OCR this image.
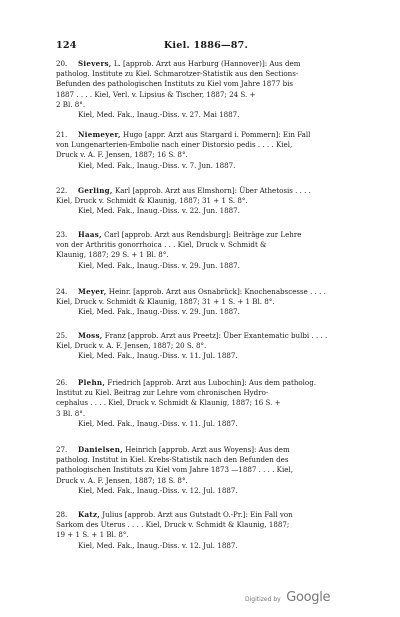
124	Kiel. 1886—87.
20. Sievers, L. [approb. Arzt aus Harburg (Hannover)]: Aus dem
patholog. Institute zu Kiel. Schmarotzer-Statistik aus den Sections-
Befunden des pathologischen Instituts zu Kiel vom Jahre 1877 bis
1887 . . . . Kiel, Verl. v. Lipsius & Tischer, 1887; 24 S. +
2 Bl. 8°.
Kiel, Med. Fak., Inaug.-Diss. v. 27. Mai 1887.
21. Niemeyer, Hugo [appr. Arzt aus Stargard i. Pommern]: Ein Fall
von Lungenarterien-Embolie nach einer Distorsio pedis . . . . Kiel,
Druck v. A. F. Jensen, 1887; 16 S. 8°.
Kiel, Med. Fak., Inaug.-Diss. v. 7. Jun. 1887.
22. Gerling, Karl [approb. Arzt aus Elmshorn]: Über Athetosis . . . .
Kiel, Druck v. Schmidt & Klaunig, 1887; 31 + 1 S. 8°.
Kiel, Med. Fak., Inaug.-Diss. v. 22. Jun. 1887.
23. Haas, Carl [approb. Arzt aus Rendsburg]: Beiträge zur Lehre
von der Arthritis gonorrhoica . . . Kiel, Druck v. Schmidt &
Klaunig, 1887; 29 S. + 1 Bl. 8°.
Kiel, Med. Fak., Inaug.-Diss. v. 29. Jun. 1887.
24. Meyer, Heinr. [approb. Arzt aus Osnabrück]: Knochenabscesse . . . .
Kiel, Druck v. Schmidt & Klaunig, 1887; 31 + 1 S. + 1 Bl. 8°.
Kiel, Med. Fak., Inaug.-Diss. v. 29. Jun. 1887.
25. Moss, Franz [approb. Arzt aus Preetz]: Über Exantematic bulbi . . . .
Kiel, Druck v. A. F. Jensen, 1887; 20 S. 8°.
Kiel, Med. Fak., Inaug.-Diss. v. 11. Jul. 1887.
26. Plehn, Friedrich [approb. Arzt aus Lubochin]: Aus dem patholog.
Institut zu Kiel. Beitrag zur Lehre vom chronischen Hydro-
cephalus . . . . Kiel, Druck v. Schmidt & Klaunig, 1887; 16 S. +
3 Bl. 8°.
Kiel, Med. Fak., Inaug.-Diss. v. 11. Jul. 1887.
27. Danielsen, Heinrich [approb. Arzt aus Woyens]: Aus dem
patholog. Institut in Kiel. Krebs-Statistik nach den Befunden des
pathologischen Instituts zu Kiel vom Jahre 1873 —1887 . . . . Kiel,
Druck v. A. F. Jensen, 1887; 18 S. 8°.
Kiel, Med. Fak., Inaug.-Diss. v. 12. Jul. 1887.
28. Katz, Julius [approb. Arzt aus Gutstadt O.-Pr.]: Ein Fall von
Sarkom des Uterus . . . . Kiel, Druck v. Schmidt & Klaunig, 1887;
19 + 1 S. + 1 Bl. 8°.
Kiel, Med. Fak., Inaug.-Diss. v. 12. Jul. 1887.
Digitized by Google
